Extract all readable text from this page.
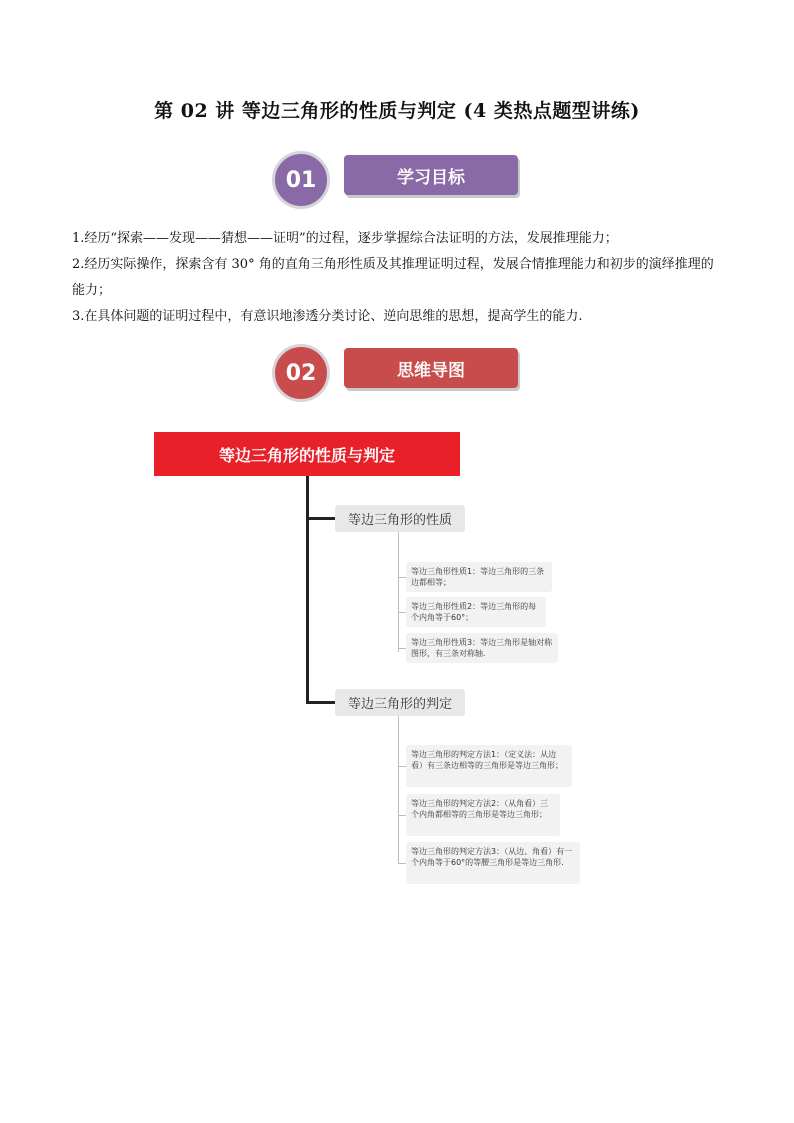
第 02 讲 等边三角形的性质与判定 (4 类热点题型讲练)
01	学习目标

1.经历“探索——发现——猜想——证明”的过程，逐步掌握综合法证明的方法，发展推理能力；

2.经历实际操作，探索含有 30° 角的直角三角形性质及其推理证明过程，发展合情推理能力和初步的演绎推理的能力；

3.在具体问题的证明过程中，有意识地渗透分类讨论、逆向思维的思想，提高学生的能力.

02	思维导图
等边三角形的性质与判定
等边三角形的性质
等边三角形的判定
等边三角形性质1：等边三角形的三条边都相等；
等边三角形性质2：等边三角形的每个内角等于60°；
等边三角形性质3：等边三角形是轴对称图形，有三条对称轴.
等边三角形的判定方法1：（定义法：从边看）有三条边相等的三角形是等边三角形；
等边三角形的判定方法2：（从角看）三个内角都相等的三角形是等边三角形；
等边三角形的判定方法3：（从边、角看）有一个内角等于60°的等腰三角形是等边三角形.
